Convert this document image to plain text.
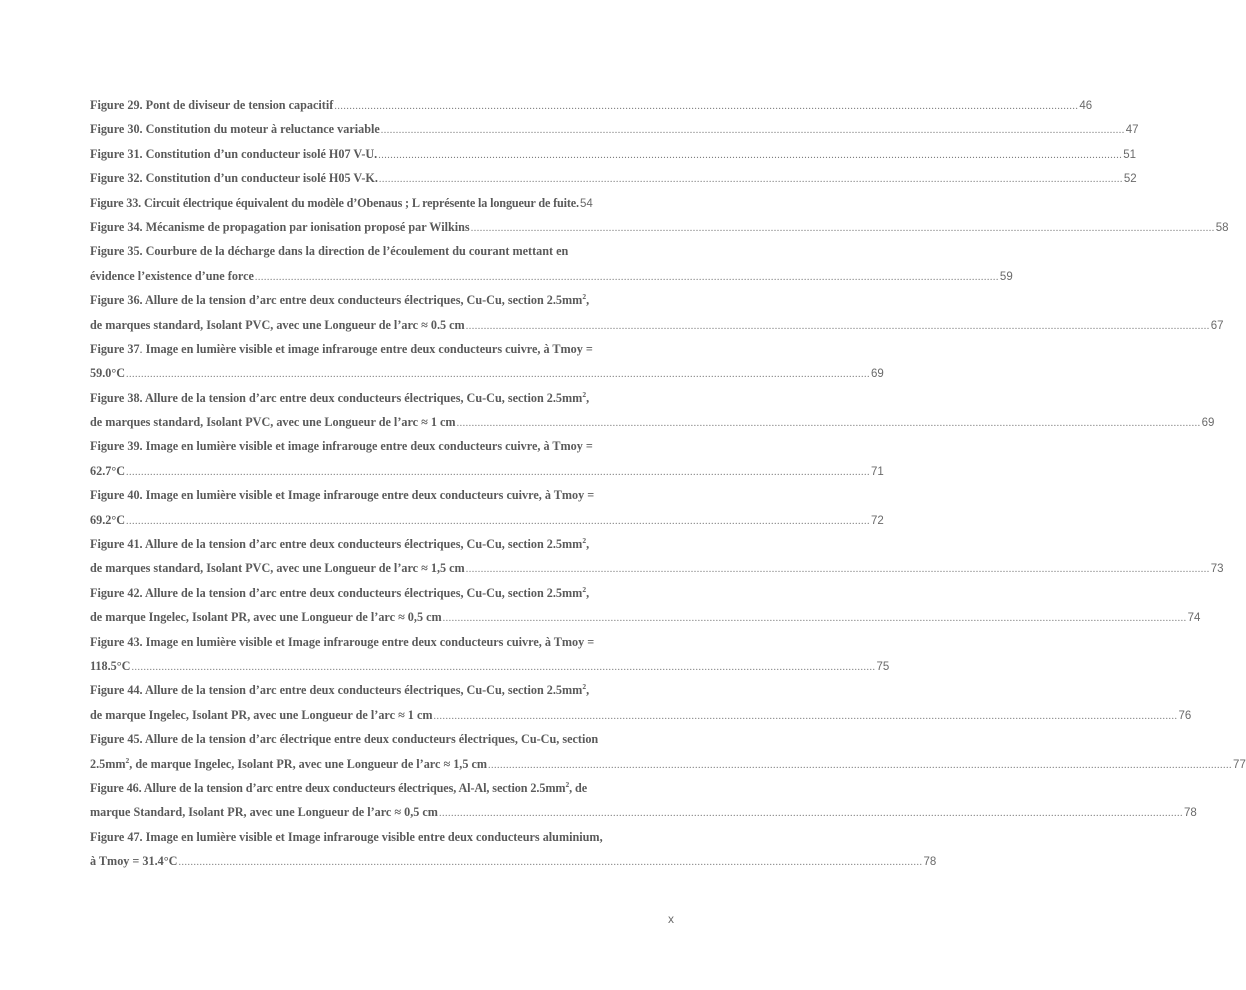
Figure 29. Pont de diviseur de tension capacitif .....	46
Figure 30. Constitution du moteur à reluctance variable .....	47
Figure 31. Constitution d’un conducteur isolé H07 V-U. .....	51
Figure 32. Constitution d’un conducteur isolé H05 V-K. .....	52
Figure 33. Circuit électrique équivalent du modèle d’Obenaus ; L représente la longueur de fuite. 54
Figure 34. Mécanisme de propagation par ionisation proposé par Wilkins .....	58
Figure 35. Courbure de la décharge dans la direction de l’écoulement du courant mettant en
évidence l’existence d’une force .....	59
Figure 36. Allure de la tension d’arc entre deux conducteurs électriques, Cu-Cu, section $2.5mm^2$,
de marques standard, Isolant PVC, avec une Longueur de l’arc ≈ 0.5 cm .....	67
Figure 37. Image en lumière visible et image infrarouge entre deux conducteurs cuivre, à Tmoy =
59.0°C .....	69
Figure 38. Allure de la tension d’arc entre deux conducteurs électriques, Cu-Cu, section $2.5mm^2$,
de marques standard, Isolant PVC, avec une Longueur de l’arc ≈ 1 cm .....	69
Figure 39. Image en lumière visible et image infrarouge entre deux conducteurs cuivre, à Tmoy =
62.7°C .....	71
Figure 40. Image en lumière visible et Image infrarouge entre deux conducteurs cuivre, à Tmoy =
69.2°C .....	72
Figure 41. Allure de la tension d’arc entre deux conducteurs électriques, Cu-Cu, section $2.5mm^2$,
de marques standard, Isolant PVC, avec une Longueur de l’arc ≈ 1,5 cm .....	73
Figure 42. Allure de la tension d’arc entre deux conducteurs électriques, Cu-Cu, section $2.5mm^2$,
de marque Ingelec, Isolant PR, avec une Longueur de l’arc ≈ 0,5 cm .....	74
Figure 43. Image en lumière visible et Image infrarouge entre deux conducteurs cuivre, à Tmoy =
118.5°C .....	75
Figure 44. Allure de la tension d’arc entre deux conducteurs électriques, Cu-Cu, section $2.5mm^2$,
de marque Ingelec, Isolant PR, avec une Longueur de l’arc ≈ 1 cm .....	76
Figure 45. Allure de la tension d’arc électrique entre deux conducteurs électriques, Cu-Cu, section
$2.5mm^2$, de marque Ingelec, Isolant PR, avec une Longueur de l’arc ≈ 1,5 cm .....	77
Figure 46. Allure de la tension d’arc entre deux conducteurs électriques, Al-Al, section $2.5mm^2$, de
marque Standard, Isolant PR, avec une Longueur de l’arc ≈ 0,5 cm .....	78
Figure 47. Image en lumière visible et Image infrarouge visible entre deux conducteurs aluminium,
à Tmoy = 31.4°C .....	78
x
